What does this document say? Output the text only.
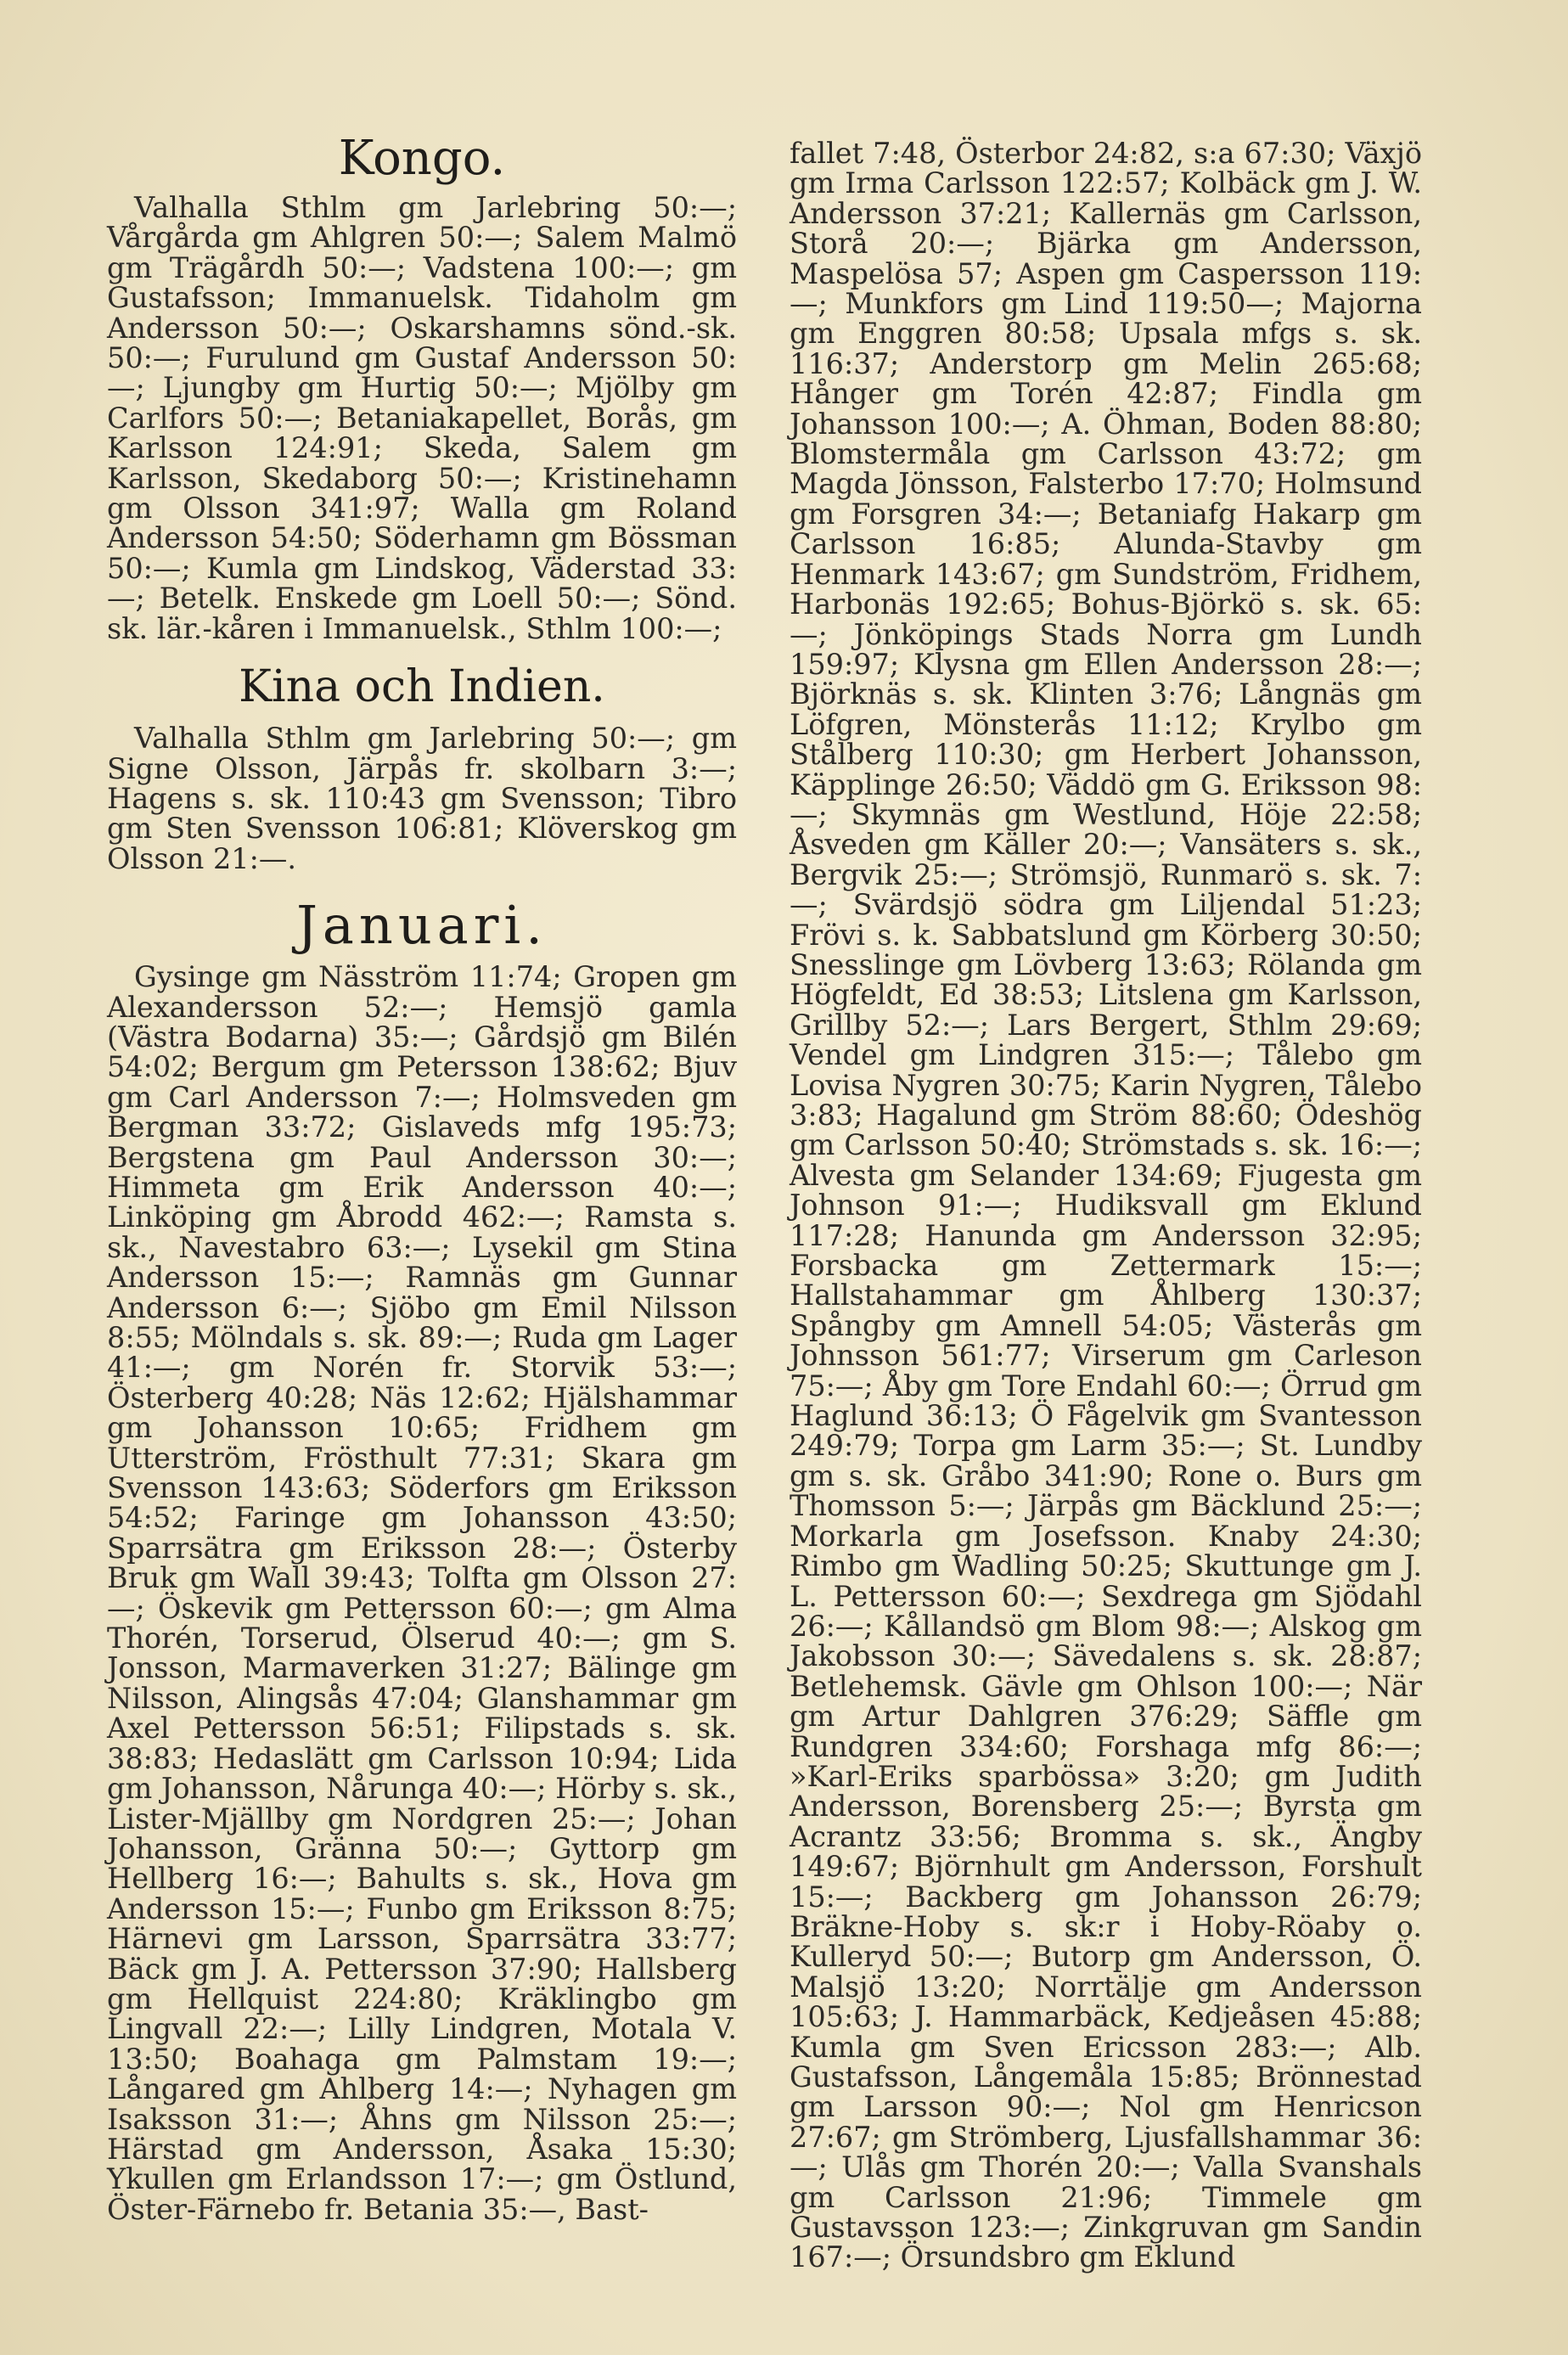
Kongo.

Valhalla Sthlm gm Jarlebring 50:—; Vårgårda gm Ahlgren 50:—; Salem Malmö gm Trägårdh 50:—; Vadstena 100:—; gm Gustafsson; Immanuelsk. Tidaholm gm Andersson 50:—; Oskarshamns sönd.-sk. 50:—; Furulund gm Gustaf Andersson 50:—; Ljungby gm Hurtig 50:—; Mjölby gm Carlfors 50:—; Betaniakapellet, Borås, gm Karlsson 124:91; Skeda, Salem gm Karlsson, Skedaborg 50:—; Kristinehamn gm Olsson 341:97; Walla gm Roland Andersson 54:50; Söderhamn gm Bössman 50:—; Kumla gm Lindskog, Väderstad 33:—; Betelk. Enskede gm Loell 50:—; Sönd. sk. lär.-kåren i Immanuelsk., Sthlm 100:—;

Kina och Indien.

Valhalla Sthlm gm Jarlebring 50:—; gm Signe Olsson, Järpås fr. skolbarn 3:—; Hagens s. sk. 110:43 gm Svensson; Tibro gm Sten Svensson 106:81; Klöverskog gm Olsson 21:—.

Januari.

Gysinge gm Näsström 11:74; Gropen gm Alexandersson 52:—; Hemsjö gamla (Västra Bodarna) 35:—; Gårdsjö gm Bilén 54:02; Bergum gm Petersson 138:62; Bjuv gm Carl Andersson 7:—; Holmsveden gm Bergman 33:72; Gislaveds mfg 195:73; Bergstena gm Paul Andersson 30:—; Himmeta gm Erik Andersson 40:—; Linköping gm Åbrodd 462:—; Ramsta s. sk., Navestabro 63:—; Lysekil gm Stina Andersson 15:—; Ramnäs gm Gunnar Andersson 6:—; Sjöbo gm Emil Nilsson 8:55; Mölndals s. sk. 89:—; Ruda gm Lager 41:—; gm Norén fr. Storvik 53:—; Österberg 40:28; Näs 12:62; Hjälshammar gm Johansson 10:65; Fridhem gm Utterström, Frösthult 77:31; Skara gm Svensson 143:63; Söderfors gm Eriksson 54:52; Faringe gm Johansson 43:50; Sparrsätra gm Eriksson 28:—; Österby Bruk gm Wall 39:43; Tolfta gm Olsson 27:—; Öskevik gm Pettersson 60:—; gm Alma Thorén, Torserud, Ölserud 40:—; gm S. Jonsson, Marmaverken 31:27; Bälinge gm Nilsson, Alingsås 47:04; Glanshammar gm Axel Pettersson 56:51; Filipstads s. sk. 38:83; Hedaslätt gm Carlsson 10:94; Lida gm Johansson, Nårunga 40:—; Hörby s. sk., Lister-Mjällby gm Nordgren 25:—; Johan Johansson, Gränna 50:—; Gyttorp gm Hellberg 16:—; Bahults s. sk., Hova gm Andersson 15:—; Funbo gm Eriksson 8:75; Härnevi gm Larsson, Sparrsätra 33:77; Bäck gm J. A. Pettersson 37:90; Hallsberg gm Hellquist 224:80; Kräklingbo gm Lingvall 22:—; Lilly Lindgren, Motala V. 13:50; Boahaga gm Palmstam 19:—; Långared gm Ahlberg 14:—; Nyhagen gm Isaksson 31:—; Åhns gm Nilsson 25:—; Härstad gm Andersson, Åsaka 15:30; Ykullen gm Erlandsson 17:—; gm Östlund, Öster-Färnebo fr. Betania 35:—, Bast-

fallet 7:48, Österbor 24:82, s:a 67:30; Växjö gm Irma Carlsson 122:57; Kolbäck gm J. W. Andersson 37:21; Kallernäs gm Carlsson, Storå 20:—; Bjärka gm Andersson, Maspelösa 57; Aspen gm Caspersson 119:—; Munkfors gm Lind 119:50—; Majorna gm Enggren 80:58; Upsala mfgs s. sk. 116:37; Anderstorp gm Melin 265:68; Hånger gm Torén 42:87; Findla gm Johansson 100:—; A. Öhman, Boden 88:80; Blomstermåla gm Carlsson 43:72; gm Magda Jönsson, Falsterbo 17:70; Holmsund gm Forsgren 34:—; Betaniafg Hakarp gm Carlsson 16:85; Alunda-Stavby gm Henmark 143:67; gm Sundström, Fridhem, Harbonäs 192:65; Bohus-Björkö s. sk. 65:—; Jönköpings Stads Norra gm Lundh 159:97; Klysna gm Ellen Andersson 28:—; Björknäs s. sk. Klinten 3:76; Långnäs gm Löfgren, Mönsterås 11:12; Krylbo gm Stålberg 110:30; gm Herbert Johansson, Käpplinge 26:50; Väddö gm G. Eriksson 98:—; Skymnäs gm Westlund, Höje 22:58; Åsveden gm Käller 20:—; Vansäters s. sk., Bergvik 25:—; Strömsjö, Runmarö s. sk. 7:—; Svärdsjö södra gm Liljendal 51:23; Frövi s. k. Sabbatslund gm Körberg 30:50; Snesslinge gm Lövberg 13:63; Rölanda gm Högfeldt, Ed 38:53; Litslena gm Karlsson, Grillby 52:—; Lars Bergert, Sthlm 29:69; Vendel gm Lindgren 315:—; Tålebo gm Lovisa Nygren 30:75; Karin Nygren, Tålebo 3:83; Hagalund gm Ström 88:60; Ödeshög gm Carlsson 50:40; Strömstads s. sk. 16:—; Alvesta gm Selander 134:69; Fjugesta gm Johnson 91:—; Hudiksvall gm Eklund 117:28; Hanunda gm Andersson 32:95; Forsbacka gm Zettermark 15:—; Hallstahammar gm Åhlberg 130:37; Spångby gm Amnell 54:05; Västerås gm Johnsson 561:77; Virserum gm Carleson 75:—; Åby gm Tore Endahl 60:—; Örrud gm Haglund 36:13; Ö Fågelvik gm Svantesson 249:79; Torpa gm Larm 35:—; St. Lundby gm s. sk. Gråbo 341:90; Rone o. Burs gm Thomsson 5:—; Järpås gm Bäcklund 25:—; Morkarla gm Josefsson. Knaby 24:30; Rimbo gm Wadling 50:25; Skuttunge gm J. L. Pettersson 60:—; Sexdrega gm Sjödahl 26:—; Kållandsö gm Blom 98:—; Alskog gm Jakobsson 30:—; Sävedalens s. sk. 28:87; Betlehemsk. Gävle gm Ohlson 100:—; När gm Artur Dahlgren 376:29; Säffle gm Rundgren 334:60; Forshaga mfg 86:—; »Karl-Eriks sparbössa» 3:20; gm Judith Andersson, Borensberg 25:—; Byrsta gm Acrantz 33:56; Bromma s. sk., Ängby 149:67; Björnhult gm Andersson, Forshult 15:—; Backberg gm Johansson 26:79; Bräkne-Hoby s. sk:r i Hoby-Röaby o. Kulleryd 50:—; Butorp gm Andersson, Ö. Malsjö 13:20; Norrtälje gm Andersson 105:63; J. Hammarbäck, Kedjeåsen 45:88; Kumla gm Sven Ericsson 283:—; Alb. Gustafsson, Långemåla 15:85; Brönnestad gm Larsson 90:—; Nol gm Henricson 27:67; gm Strömberg, Ljusfallshammar 36:—; Ulås gm Thorén 20:—; Valla Svanshals gm Carlsson 21:96; Timmele gm Gustavsson 123:—; Zinkgruvan gm Sandin 167:—; Örsundsbro gm Eklund
